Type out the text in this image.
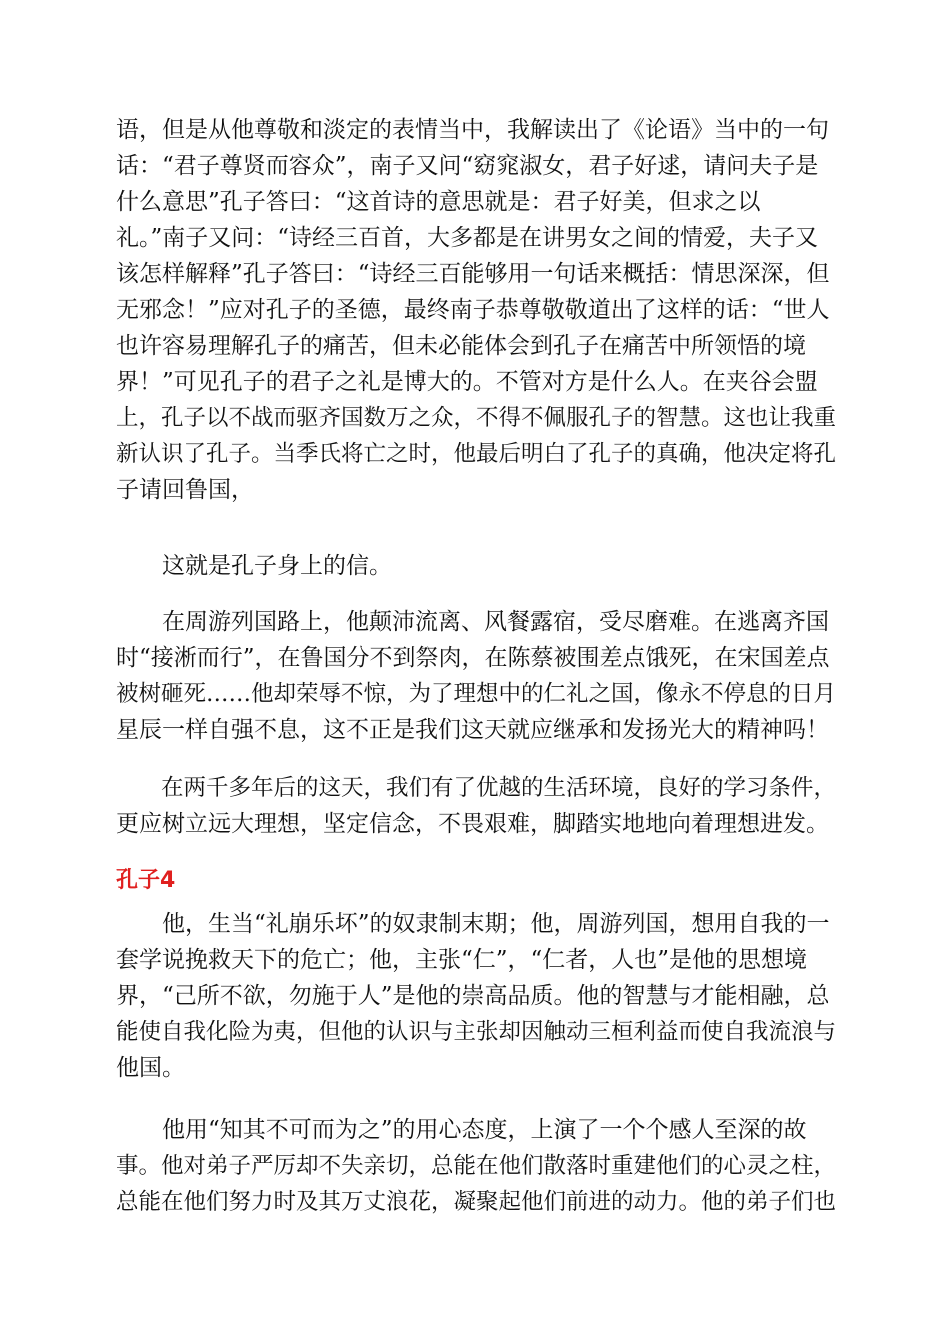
语，但是从他尊敬和淡定的表情当中，我解读出了《论语》当中的一句
话：“君子尊贤而容众”，南子又问“窈窕淑女，君子好逑，请问夫子是
什么意思”孔子答曰：“这首诗的意思就是：君子好美，但求之以
礼。”南子又问：“诗经三百首，大多都是在讲男女之间的情爱，夫子又
该怎样解释”孔子答曰：“诗经三百能够用一句话来概括：情思深深，但
无邪念！”应对孔子的圣德，最终南子恭尊敬敬道出了这样的话：“世人
也许容易理解孔子的痛苦，但未必能体会到孔子在痛苦中所领悟的境
界！”可见孔子的君子之礼是博大的。不管对方是什么人。在夹谷会盟
上，孔子以不战而驱齐国数万之众，不得不佩服孔子的智慧。这也让我重
新认识了孔子。当季氏将亡之时，他最后明白了孔子的真确，他决定将孔
子请回鲁国，
　　这就是孔子身上的信。
　　在周游列国路上，他颠沛流离、风餐露宿，受尽磨难。在逃离齐国
时“接淅而行”，在鲁国分不到祭肉，在陈蔡被围差点饿死，在宋国差点
被树砸死……他却荣辱不惊，为了理想中的仁礼之国，像永不停息的日月
星辰一样自强不息，这不正是我们这天就应继承和发扬光大的精神吗！
　　在两千多年后的这天，我们有了优越的生活环境，良好的学习条件，
更应树立远大理想，坚定信念，不畏艰难，脚踏实地地向着理想进发。
孔子4
　　他，生当“礼崩乐坏”的奴隶制末期；他，周游列国，想用自我的一
套学说挽救天下的危亡；他，主张“仁”，“仁者，人也”是他的思想境
界，“己所不欲，勿施于人”是他的崇高品质。他的智慧与才能相融，总
能使自我化险为夷，但他的认识与主张却因触动三桓利益而使自我流浪与
他国。
　　他用“知其不可而为之”的用心态度，上演了一个个感人至深的故
事。他对弟子严厉却不失亲切，总能在他们散落时重建他们的心灵之柱，
总能在他们努力时及其万丈浪花，凝聚起他们前进的动力。他的弟子们也
